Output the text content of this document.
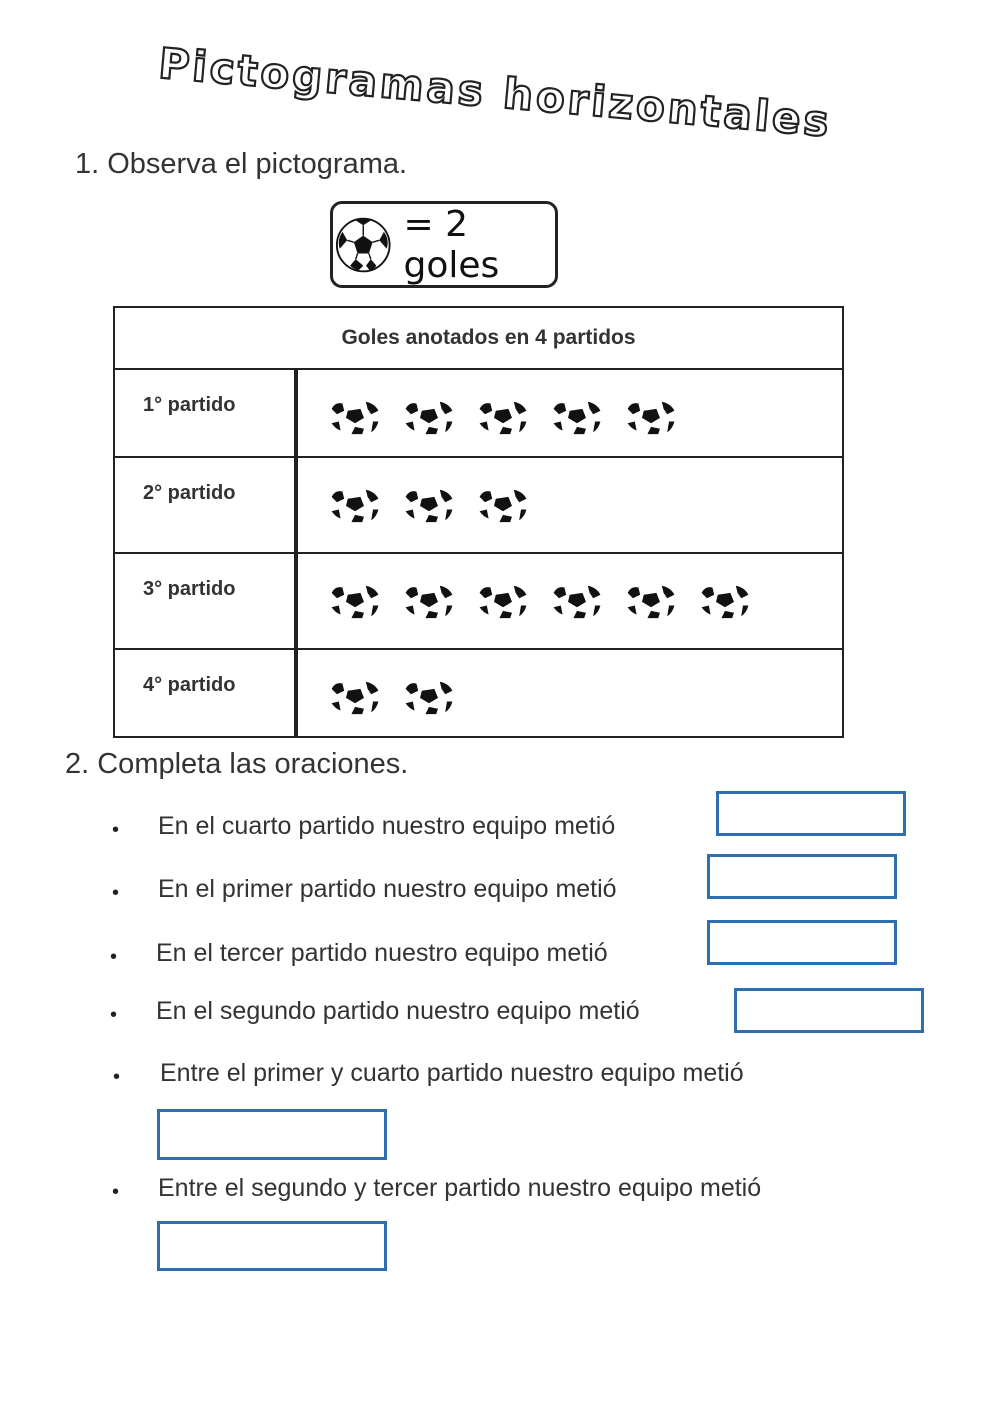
Pictogramas horizontales
1. Observa el pictograma.
= 2 goles
Goles anotados en 4 partidos
1° partido
2° partido
3° partido
4° partido
2. Completa las oraciones.
• En el cuarto partido nuestro equipo metió
• En el primer partido nuestro equipo metió
• En el tercer partido nuestro equipo metió
• En el segundo partido nuestro equipo metió
• Entre el primer y cuarto partido nuestro equipo metió
• Entre el segundo y tercer partido nuestro equipo metió
